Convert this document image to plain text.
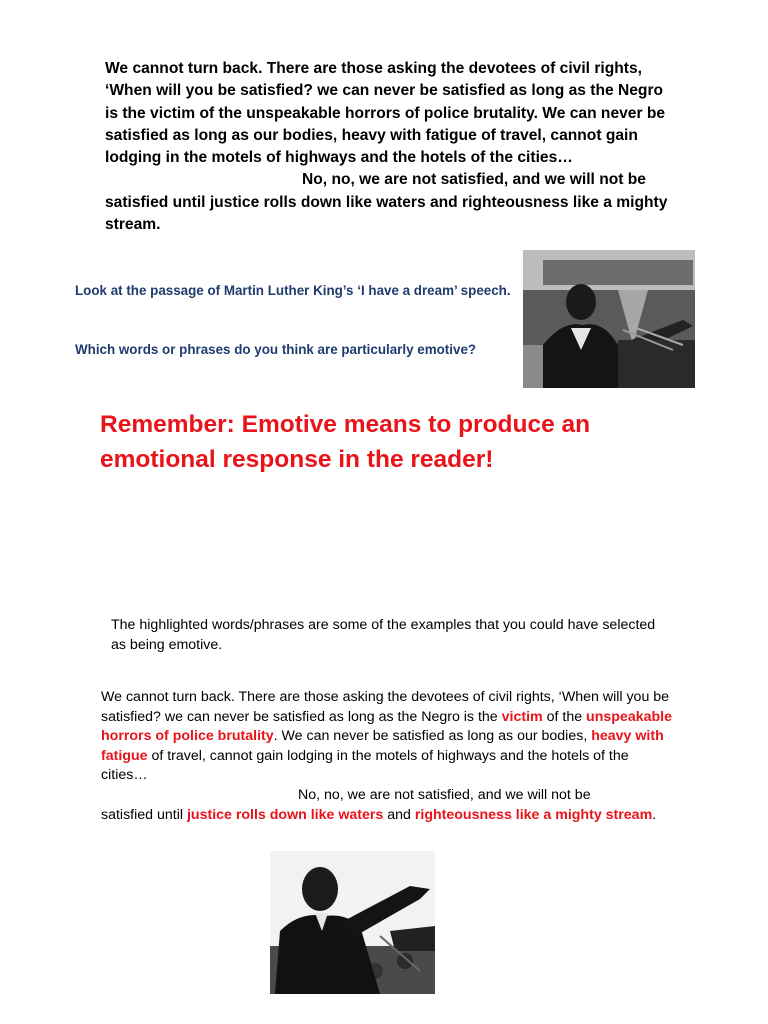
We cannot turn back. There are those asking the devotees of civil rights, ‘When will you be satisfied? we can never be satisfied as long as the Negro is the victim of the unspeakable horrors of police brutality. We can never be satisfied as long as our bodies, heavy with fatigue of travel, cannot gain lodging in the motels of highways and the hotels of the cities…
No, no, we are not satisfied, and we will not be
satisfied until justice rolls down like waters and righteousness like a mighty stream.
Look at the passage of Martin Luther King’s ‘I have a dream’ speech.
Which words or phrases do you think are particularly emotive?
Remember: Emotive means to produce an emotional response in the reader!
The highlighted words/phrases are some of the examples that you could have selected as being emotive.
We cannot turn back. There are those asking the devotees of civil rights, ‘When will you be satisfied? we can never be satisfied as long as the Negro is the victim of the unspeakable horrors of police brutality. We can never be satisfied as long as our bodies, heavy with fatigue of travel, cannot gain lodging in the motels of highways and the hotels of the cities…
No, no, we are not satisfied, and we will not be
satisfied until justice rolls down like waters and righteousness like a mighty stream.
